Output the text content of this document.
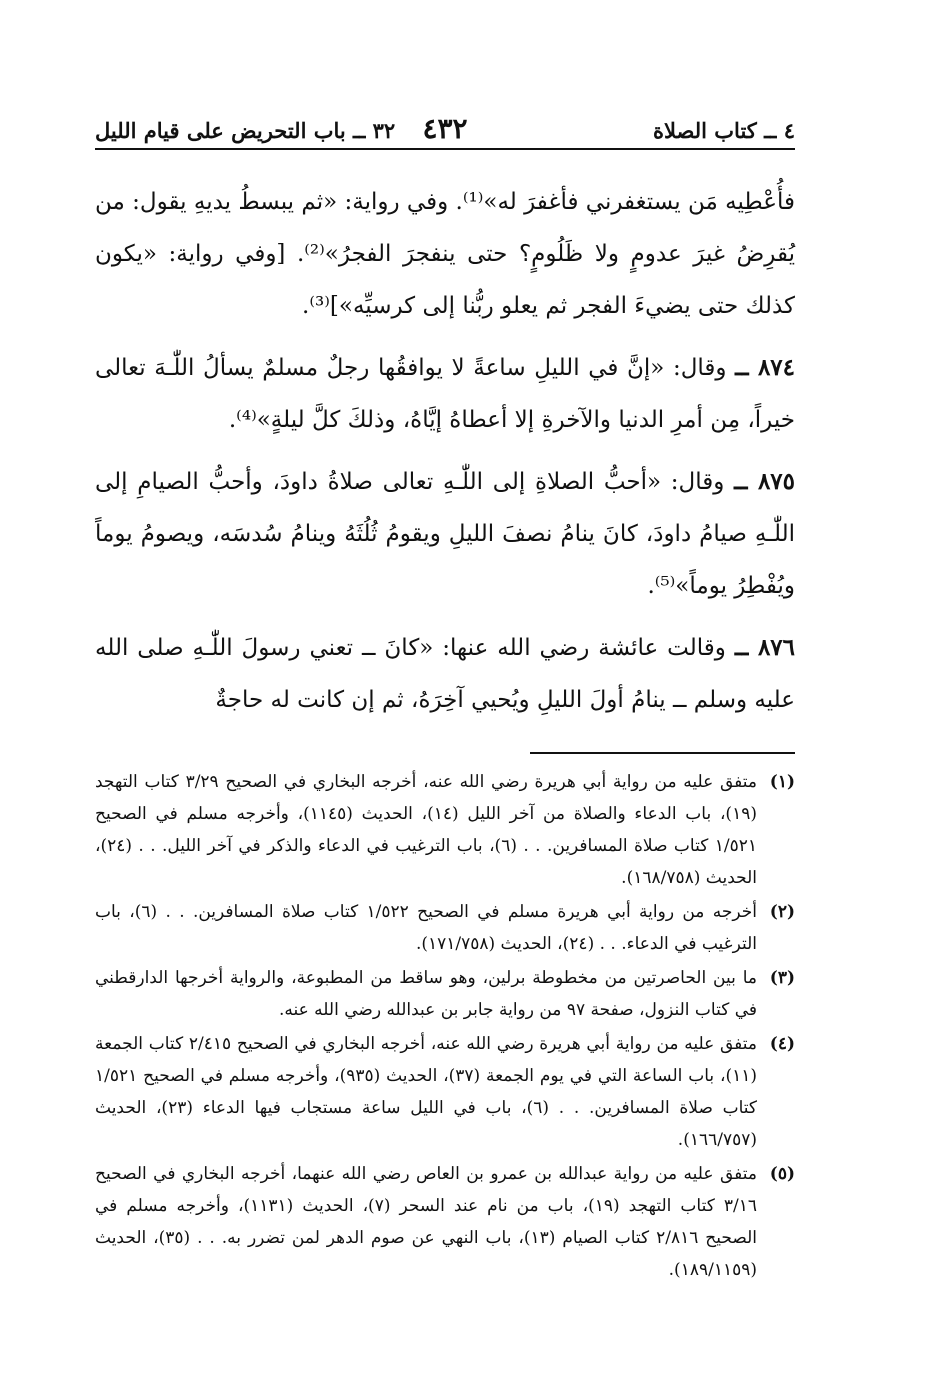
٤ ــ كتاب الصلاة
٤٣٢
٣٢ ــ باب التحريض على قيام الليل

فأُعْطِيه مَن يستغفرني فأغفرَ له»⁽¹⁾. وفي رواية: «ثم يبسطُ يديهِ يقول: من يُقرِضُ غيرَ عدومٍ ولا ظَلُومٍ؟ حتى ينفجرَ الفجرُ»⁽²⁾. [وفي رواية: «يكون كذلك حتى يضيءَ الفجر ثم يعلو ربُّنا إلى كرسيِّه»]⁽³⁾.

٨٧٤ ــ وقال: «إنَّ في الليلِ ساعةً لا يوافقُها رجلٌ مسلمٌ يسألُ اللّٰـهَ تعالى خيراً، مِن أمرِ الدنيا والآخرةِ إلا أعطاهُ إيَّاهُ، وذلكَ كلَّ ليلةٍ»⁽⁴⁾.

٨٧٥ ــ وقال: «أحبُّ الصلاةِ إلى اللّٰـهِ تعالى صلاةُ داودَ، وأحبُّ الصيامِ إلى اللّٰـهِ صيامُ داودَ، كانَ ينامُ نصفَ الليلِ ويقومُ ثُلُثَهُ وينامُ سُدسَه، ويصومُ يوماً ويُفْطِرُ يوماً»⁽⁵⁾.

٨٧٦ ــ وقالت عائشة رضي الله عنها: «كانَ ــ تعني رسولَ اللّٰـهِ صلى الله عليه وسلم ــ ينامُ أولَ الليلِ ويُحيي آخِرَهُ، ثم إن كانت له حاجةٌ

(١)
متفق عليه من رواية أبي هريرة رضي الله عنه، أخرجه البخاري في الصحيح ٣/٢٩ كتاب التهجد (١٩)، باب الدعاء والصلاة من آخر الليل (١٤)، الحديث (١١٤٥)، وأخرجه مسلم في الصحيح ١/٥٢١ كتاب صلاة المسافرين. . . (٦)، باب الترغيب في الدعاء والذكر في آخر الليل. . . (٢٤)، الحديث (١٦٨/٧٥٨).
(٢)
أخرجه من رواية أبي هريرة مسلم في الصحيح ١/٥٢٢ كتاب صلاة المسافرين. . . (٦)، باب الترغيب في الدعاء. . . (٢٤)، الحديث (١٧١/٧٥٨).
(٣)
ما بين الحاصرتين من مخطوطة برلين، وهو ساقط من المطبوعة، والرواية أخرجها الدارقطني في كتاب النزول، صفحة ٩٧ من رواية جابر بن عبدالله رضي الله عنه.
(٤)
متفق عليه من رواية أبي هريرة رضي الله عنه، أخرجه البخاري في الصحيح ٢/٤١٥ كتاب الجمعة (١١)، باب الساعة التي في يوم الجمعة (٣٧)، الحديث (٩٣٥)، وأخرجه مسلم في الصحيح ١/٥٢١ كتاب صلاة المسافرين. . . (٦)، باب في الليل ساعة مستجاب فيها الدعاء (٢٣)، الحديث (١٦٦/٧٥٧).
(٥)
متفق عليه من رواية عبدالله بن عمرو بن العاص رضي الله عنهما، أخرجه البخاري في الصحيح ٣/١٦ كتاب التهجد (١٩)، باب من نام عند السحر (٧)، الحديث (١١٣١)، وأخرجه مسلم في الصحيح ٢/٨١٦ كتاب الصيام (١٣)، باب النهي عن صوم الدهر لمن تضرر به. . . (٣٥)، الحديث (١٨٩/١١٥٩).
